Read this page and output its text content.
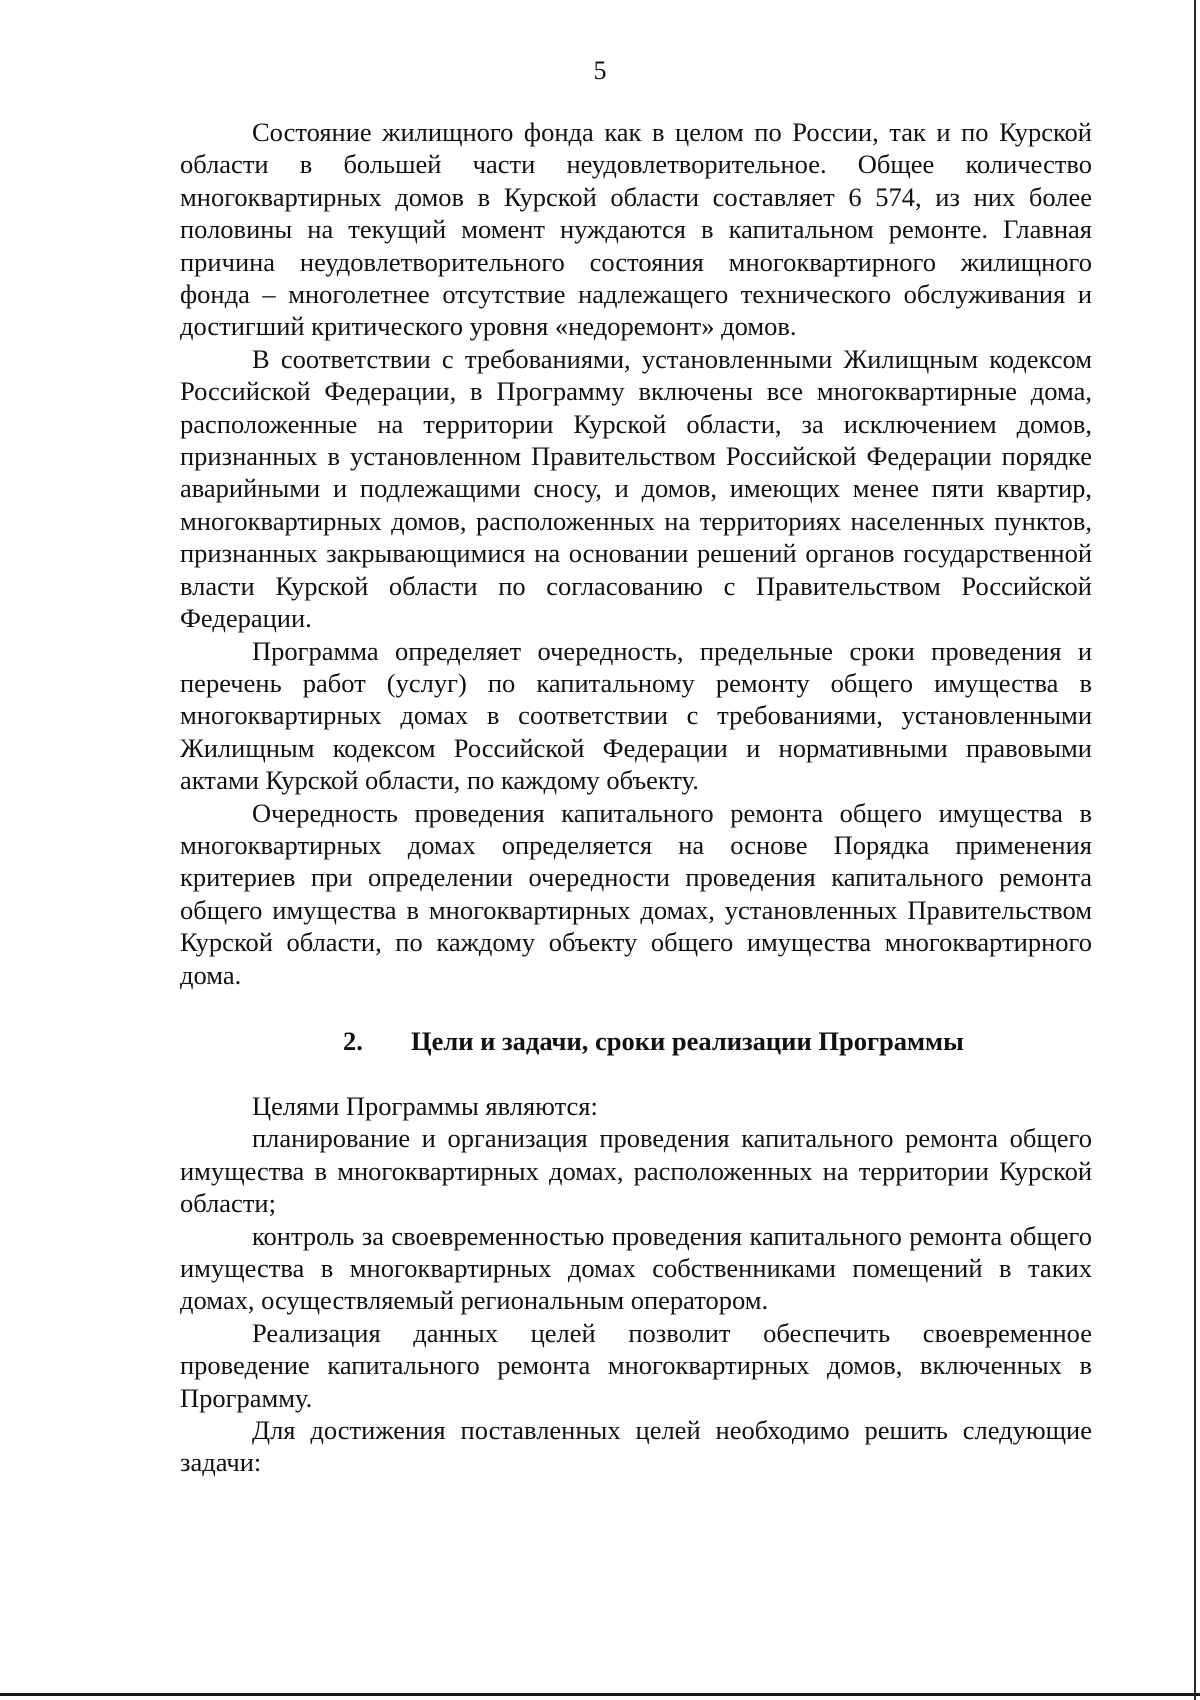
5

Состояние жилищного фонда как в целом по России, так и по Курской области в большей части неудовлетворительное. Общее количество многоквартирных домов в Курской области составляет 6 574, из них более половины на текущий момент нуждаются в капитальном ремонте. Главная причина неудовлетворительного состояния многоквартирного жилищного фонда – многолетнее отсутствие надлежащего технического обслуживания и достигший критического уровня «недоремонт» домов.

В соответствии с требованиями, установленными Жилищным кодексом Российской Федерации, в Программу включены все многоквартирные дома, расположенные на территории Курской области, за исключением домов, признанных в установленном Правительством Российской Федерации порядке аварийными и подлежащими сносу, и домов, имеющих менее пяти квартир, многоквартирных домов, расположенных на территориях населенных пунктов, признанных закрывающимися на основании решений органов государственной власти Курской области по согласованию с Правительством Российской Федерации.

Программа определяет очередность, предельные сроки проведения и перечень работ (услуг) по капитальному ремонту общего имущества в многоквартирных домах в соответствии с требованиями, установленными Жилищным кодексом Российской Федерации и нормативными правовыми актами Курской области, по каждому объекту.

Очередность проведения капитального ремонта общего имущества в многоквартирных домах определяется на основе Порядка применения критериев при определении очередности проведения капитального ремонта общего имущества в многоквартирных домах, установленных Правительством Курской области, по каждому объекту общего имущества многоквартирного дома.

2. Цели и задачи, сроки реализации Программы

Целями Программы являются:

планирование и организация проведения капитального ремонта общего имущества в многоквартирных домах, расположенных на территории Курской области;

контроль за своевременностью проведения капитального ремонта общего имущества в многоквартирных домах собственниками помещений в таких домах, осуществляемый региональным оператором.

Реализация данных целей позволит обеспечить своевременное проведение капитального ремонта многоквартирных домов, включенных в Программу.

Для достижения поставленных целей необходимо решить следующие задачи:
